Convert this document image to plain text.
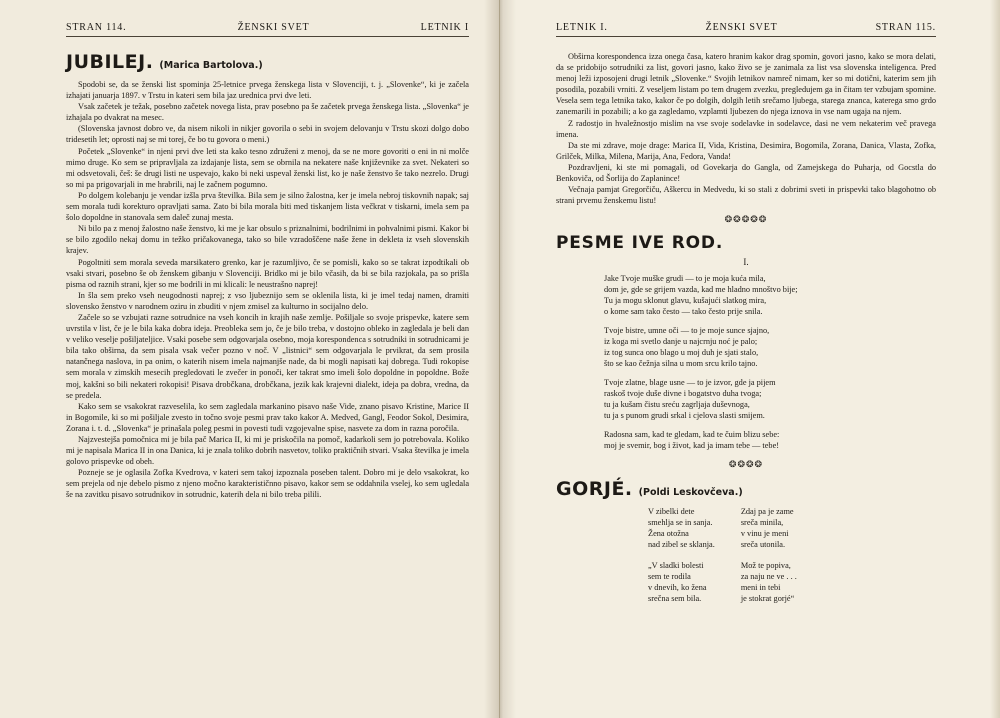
STRAN 114.	ŽENSKI SVET	LETNIK I
JUBILEJ. (Marica Bartolova.)

Spodobi se, da se ženski list spominja 25-letnice prvega ženskega lista v Slovenciji, t. j. „Slovenke“, ki je začela izhajati januarja 1897. v Trstu in kateri sem bila jaz urednica prvi dve leti.

Vsak začetek je težak, posebno začetek novega lista, prav posebno pa še začetek prvega ženskega lista. „Slovenka“ je izhajala po dvakrat na mesec.

(Slovenska javnost dobro ve, da nisem nikoli in nikjer govorila o sebi in svojem delovanju v Trstu skozi dolgo dobo tridesetih let; oprosti naj se mi torej, če bo tu govora o meni.)

Početek „Slovenke“ in njeni prvi dve leti sta kako tesno združeni z menoj, da se ne more govoriti o eni in ni molče mimo druge. Ko sem se pripravljala za izdajanje lista, sem se obrnila na nekatere naše književnike za svet. Nekateri so mi odsvetovali, češ: še drugi listi ne uspevajo, kako bi neki uspeval ženski list, ko je naše ženstvo še tako nezrelo. Drugi so mi pa prigovarjali in me hrabrili, naj le začnem pogumno.

Po dolgem kolebanju je vendar izšla prva številka. Bila sem je silno žalostna, ker je imela nebroj tiskovnih napak; saj sem morala tudi korekturo opravljati sama. Zato bi bila morala biti med tiskanjem lista večkrat v tiskarni, imela sem pa šolo dopoldne in stanovala sem daleč zunaj mesta.

Ni bilo pa z menoj žalostno naše ženstvo, ki me je kar obsulo s priznalnimi, bodrilnimi in pohvalnimi pismi. Kakor bi se bilo zgodilo nekaj domu in težko pričakovanega, tako so bile vzradoščene naše žene in dekleta iz vseh slovenskih krajev.

Pogoltniti sem morala seveda marsikatero grenko, kar je razumljivo, če se pomisli, kako so se takrat izpodtikali ob vsaki stvari, posebno še ob ženskem gibanju v Slovenciji. Bridko mi je bilo včasih, da bi se bila razjokala, pa so prišla pisma od raznih strani, kjer so me bodrili in mi klicali: le neustrašno naprej!

In šla sem preko vseh neugodnosti naprej; z vso ljubeznijo sem se oklenila lista, ki je imel tedaj namen, dramiti slovensko ženstvo v narodnem oziru in zbuditi v njem zmisel za kulturno in socijalno delo.

Začele so se vzbujati razne sotrudnice na vseh koncih in krajih naše zemlje. Pošiljale so svoje prispevke, katere sem uvrstila v list, če je le bila kaka dobra ideja. Preobleka sem jo, če je bilo treba, v dostojno obleko in zagledala je beli dan v veliko veselje pošiljateljice. Vsaki posebe sem odgovarjala osebno, moja korespondenca s sotrudniki in sotrudnicami je bila tako obširna, da sem pisala vsak večer pozno v noč. V „listnici“ sem odgovarjala le prvikrat, da sem prosila natančnega naslova, in pa onim, o katerih nisem imela najmanjše nade, da bi mogli napisati kaj dobrega. Tudi rokopise sem morala v zimskih mesecih pregledovati le zvečer in ponoči, ker takrat smo imeli šolo dopoldne in popoldne. Bože moj, kakšni so bili nekateri rokopisi! Pisava drobčkana, drobčkana, jezik kak krajevni dialekt, ideja pa dobra, vredna, da se predela.

Kako sem se vsakokrat razveselila, ko sem zagledala markanino pisavo naše Vide, znano pisavo Kristine, Marice II in Bogomile, ki so mi pošiljale zvesto in točno svoje pesmi prav tako kakor A. Medved, Gangl, Feodor Sokol, Desimira, Zorana i. t. d. „Slovenka“ je prinašala poleg pesmi in povesti tudi vzgojevalne spise, nasvete za dom in razna poročila.

Najzvestejša pomočnica mi je bila pač Marica II, ki mi je priskočila na pomoč, kadarkoli sem jo potrebovala. Koliko mi je napisala Marica II in ona Danica, ki je znala toliko dobrih nasvetov, toliko praktičnih stvari. Vsaka številka je imela golovo prispevke od obeh.

Pozneje se je oglasila Zofka Kvedrova, v kateri sem takoj izpoznala poseben talent. Dobro mi je delo vsakokrat, ko sem prejela od nje debelo pismo z njeno močno karakterističnno pisavo, kakor sem se oddahnila vselej, ko sem ugledala še na zavitku pisavo sotrudnikov in sotrudnic, katerih dela ni bilo treba pilili.

LETNIK I.	ŽENSKI SVET	STRAN 115.

Obširna korespondenca izza onega časa, katero hranim kakor drag spomin, govori jasno, kako se mora delati, da se pridobijo sotrudniki za list, govori jasno, kako živo se je zanimala za list vsa slovenska inteligenca. Pred menoj leži izposojeni drugi letnik „Slovenke.“ Svojih letnikov namreč nimam, ker so mi dotični, katerim sem jih posodila, pozabili vrniti. Z veseljem listam po tem drugem zvezku, pregledujem ga in čitam ter vzbujam spomine. Vesela sem tega letnika tako, kakor če po dolgih, dolgih letih srečamo ljubega, starega znanca, katerega smo grdo zanemarili in pozabili; a ko ga zagledamo, vzplamti ljubezen do njega iznova in vse nam ugaja na njem.

Z radostjo in hvaležnostjo mislim na vse svoje sodelavke in sodelavce, dasi ne vem nekaterim več pravega imena.

Da ste mi zdrave, moje drage: Marica II, Vida, Kristina, Desimira, Bogomila, Zorana, Danica, Vlasta, Zofka, Grilček, Milka, Milena, Marija, Ana, Fedora, Vanda!

Pozdravljeni, ki ste mi pomagali, od Govekarja do Gangla, od Zamejskega do Puharja, od Gocstla do Benkoviča, od Šorlija do Zaplanince!

Večnaja pamjat Gregorčiču, Aškercu in Medvedu, ki so stali z dobrimi sveti in prispevki tako blagohotno ob strani prvemu ženskemu listu!

❂❂❂❂❂
PESME IVE ROD.
I.
Jake Tvoje muške grudi — to je moja kuća mila,
dom je, gde se grijem vazda, kad me hladno mnoštvo bije;
Tu ja mogu sklonut glavu, kušajući slatkog mira,
o kome sam tako često — tako često prije snila.
Tvoje bistre, umne oči — to je moje sunce sjajno,
iz koga mi svetlo danje u najcrnju noć je palo;
iz tog sunca ono blago u moj duh je sjati stalo,
što se kao čežnja silna u mom srcu krilo tajno.
Tvoje zlatne, blage usne — to je izvor, gde ja pijem
raskoš tvoje duše divne i bogatstvo duha tvoga;
tu ja kušam čistu sreću zagrljaja duševnoga,
tu ja s punom grudi srkal i cjelova slasti smijem.
Radosna sam, kad te gledam, kad te čuim blizu sebe:
moj je svemir, bog i život, kad ja imam tebe — tebe!
❂❂❂❂
GORJÉ. (Poldi Leskovčeva.)
V zibelki dete
smehlja se in sanja.
Žena otožna
nad zibel se sklanja.
„V sladki bolesti
sem te rodila
v dnevih, ko žena
srečna sem bila.
Zdaj pa je zame
sreča minila,
v vinu je meni
sreča utonila.
Mož te popiva,
za naju ne ve . . .
meni in tebi
je stokrat gorjé“
